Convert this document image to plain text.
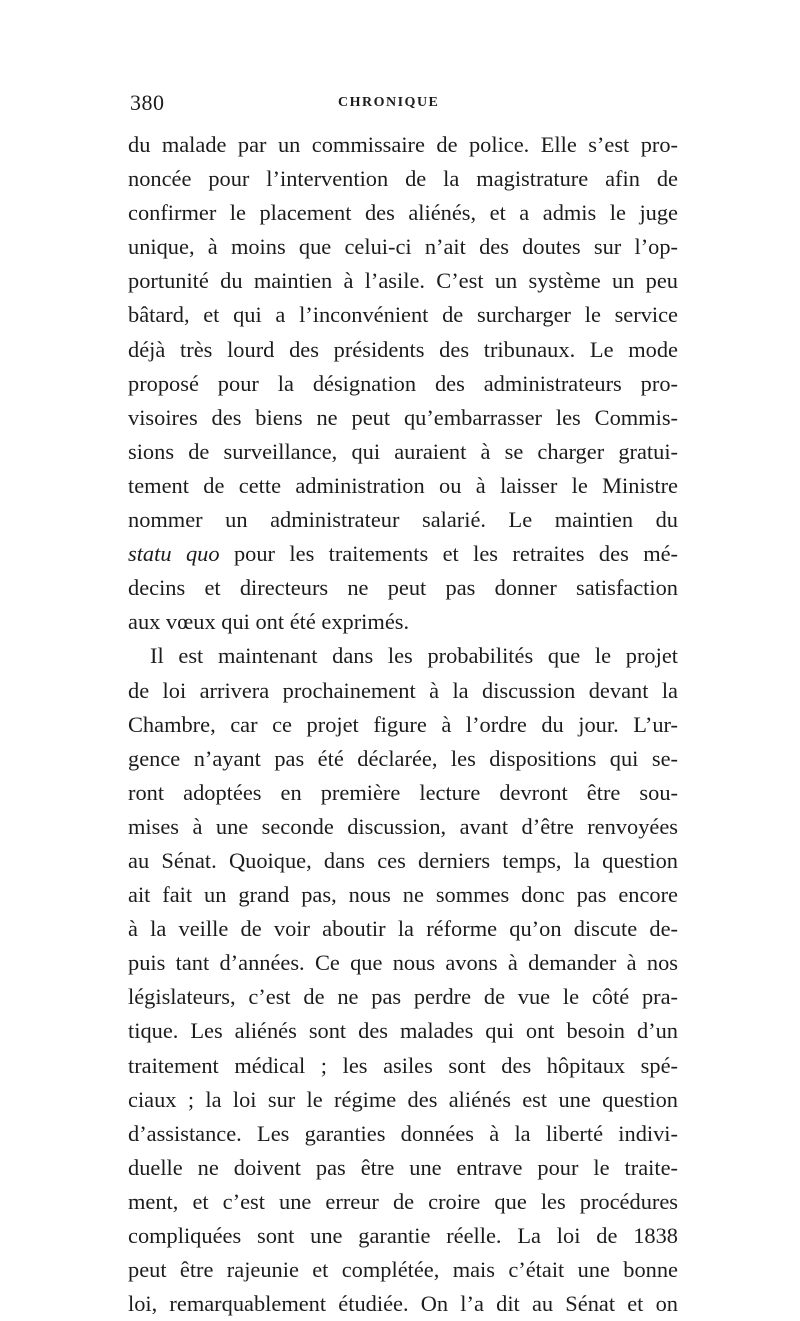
380	CHRONIQUE
du malade par un commissaire de police. Elle s’est pro-
noncée pour l’intervention de la magistrature afin de
confirmer le placement des aliénés, et a admis le juge
unique, à moins que celui-ci n’ait des doutes sur l’op-
portunité du maintien à l’asile. C’est un système un peu
bâtard, et qui a l’inconvénient de surcharger le service
déjà très lourd des présidents des tribunaux. Le mode
proposé pour la désignation des administrateurs pro-
visoires des biens ne peut qu’embarrasser les Commis-
sions de surveillance, qui auraient à se charger gratui-
tement de cette administration ou à laisser le Ministre
nommer un administrateur salarié. Le maintien du
statu quo pour les traitements et les retraites des mé-
decins et directeurs ne peut pas donner satisfaction
aux vœux qui ont été exprimés.
Il est maintenant dans les probabilités que le projet
de loi arrivera prochainement à la discussion devant la
Chambre, car ce projet figure à l’ordre du jour. L’ur-
gence n’ayant pas été déclarée, les dispositions qui se-
ront adoptées en première lecture devront être sou-
mises à une seconde discussion, avant d’être renvoyées
au Sénat. Quoique, dans ces derniers temps, la question
ait fait un grand pas, nous ne sommes donc pas encore
à la veille de voir aboutir la réforme qu’on discute de-
puis tant d’années. Ce que nous avons à demander à nos
législateurs, c’est de ne pas perdre de vue le côté pra-
tique. Les aliénés sont des malades qui ont besoin d’un
traitement médical ; les asiles sont des hôpitaux spé-
ciaux ; la loi sur le régime des aliénés est une question
d’assistance. Les garanties données à la liberté indivi-
duelle ne doivent pas être une entrave pour le traite-
ment, et c’est une erreur de croire que les procédures
compliquées sont une garantie réelle. La loi de 1838
peut être rajeunie et complétée, mais c’était une bonne
loi, remarquablement étudiée. On l’a dit au Sénat et on
